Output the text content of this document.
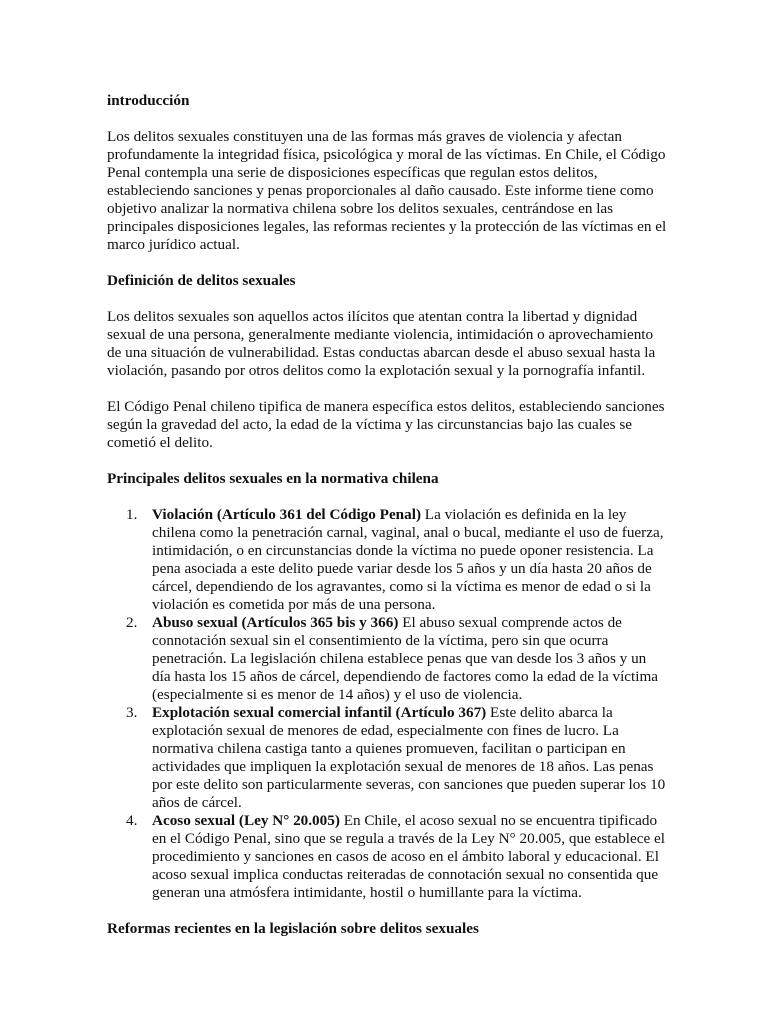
introducción

Los delitos sexuales constituyen una de las formas más graves de violencia y afectan profundamente la integridad física, psicológica y moral de las víctimas. En Chile, el Código Penal contempla una serie de disposiciones específicas que regulan estos delitos, estableciendo sanciones y penas proporcionales al daño causado. Este informe tiene como objetivo analizar la normativa chilena sobre los delitos sexuales, centrándose en las principales disposiciones legales, las reformas recientes y la protección de las víctimas en el marco jurídico actual.

Definición de delitos sexuales

Los delitos sexuales son aquellos actos ilícitos que atentan contra la libertad y dignidad sexual de una persona, generalmente mediante violencia, intimidación o aprovechamiento de una situación de vulnerabilidad. Estas conductas abarcan desde el abuso sexual hasta la violación, pasando por otros delitos como la explotación sexual y la pornografía infantil.

El Código Penal chileno tipifica de manera específica estos delitos, estableciendo sanciones según la gravedad del acto, la edad de la víctima y las circunstancias bajo las cuales se cometió el delito.

Principales delitos sexuales en la normativa chilena

1. Violación (Artículo 361 del Código Penal) La violación es definida en la ley chilena como la penetración carnal, vaginal, anal o bucal, mediante el uso de fuerza, intimidación, o en circunstancias donde la víctima no puede oponer resistencia. La pena asociada a este delito puede variar desde los 5 años y un día hasta 20 años de cárcel, dependiendo de los agravantes, como si la víctima es menor de edad o si la violación es cometida por más de una persona.
2. Abuso sexual (Artículos 365 bis y 366) El abuso sexual comprende actos de connotación sexual sin el consentimiento de la víctima, pero sin que ocurra penetración. La legislación chilena establece penas que van desde los 3 años y un día hasta los 15 años de cárcel, dependiendo de factores como la edad de la víctima (especialmente si es menor de 14 años) y el uso de violencia.
3. Explotación sexual comercial infantil (Artículo 367) Este delito abarca la explotación sexual de menores de edad, especialmente con fines de lucro. La normativa chilena castiga tanto a quienes promueven, facilitan o participan en actividades que impliquen la explotación sexual de menores de 18 años. Las penas por este delito son particularmente severas, con sanciones que pueden superar los 10 años de cárcel.
4. Acoso sexual (Ley N° 20.005) En Chile, el acoso sexual no se encuentra tipificado en el Código Penal, sino que se regula a través de la Ley N° 20.005, que establece el procedimiento y sanciones en casos de acoso en el ámbito laboral y educacional. El acoso sexual implica conductas reiteradas de connotación sexual no consentida que generan una atmósfera intimidante, hostil o humillante para la víctima.

Reformas recientes en la legislación sobre delitos sexuales
